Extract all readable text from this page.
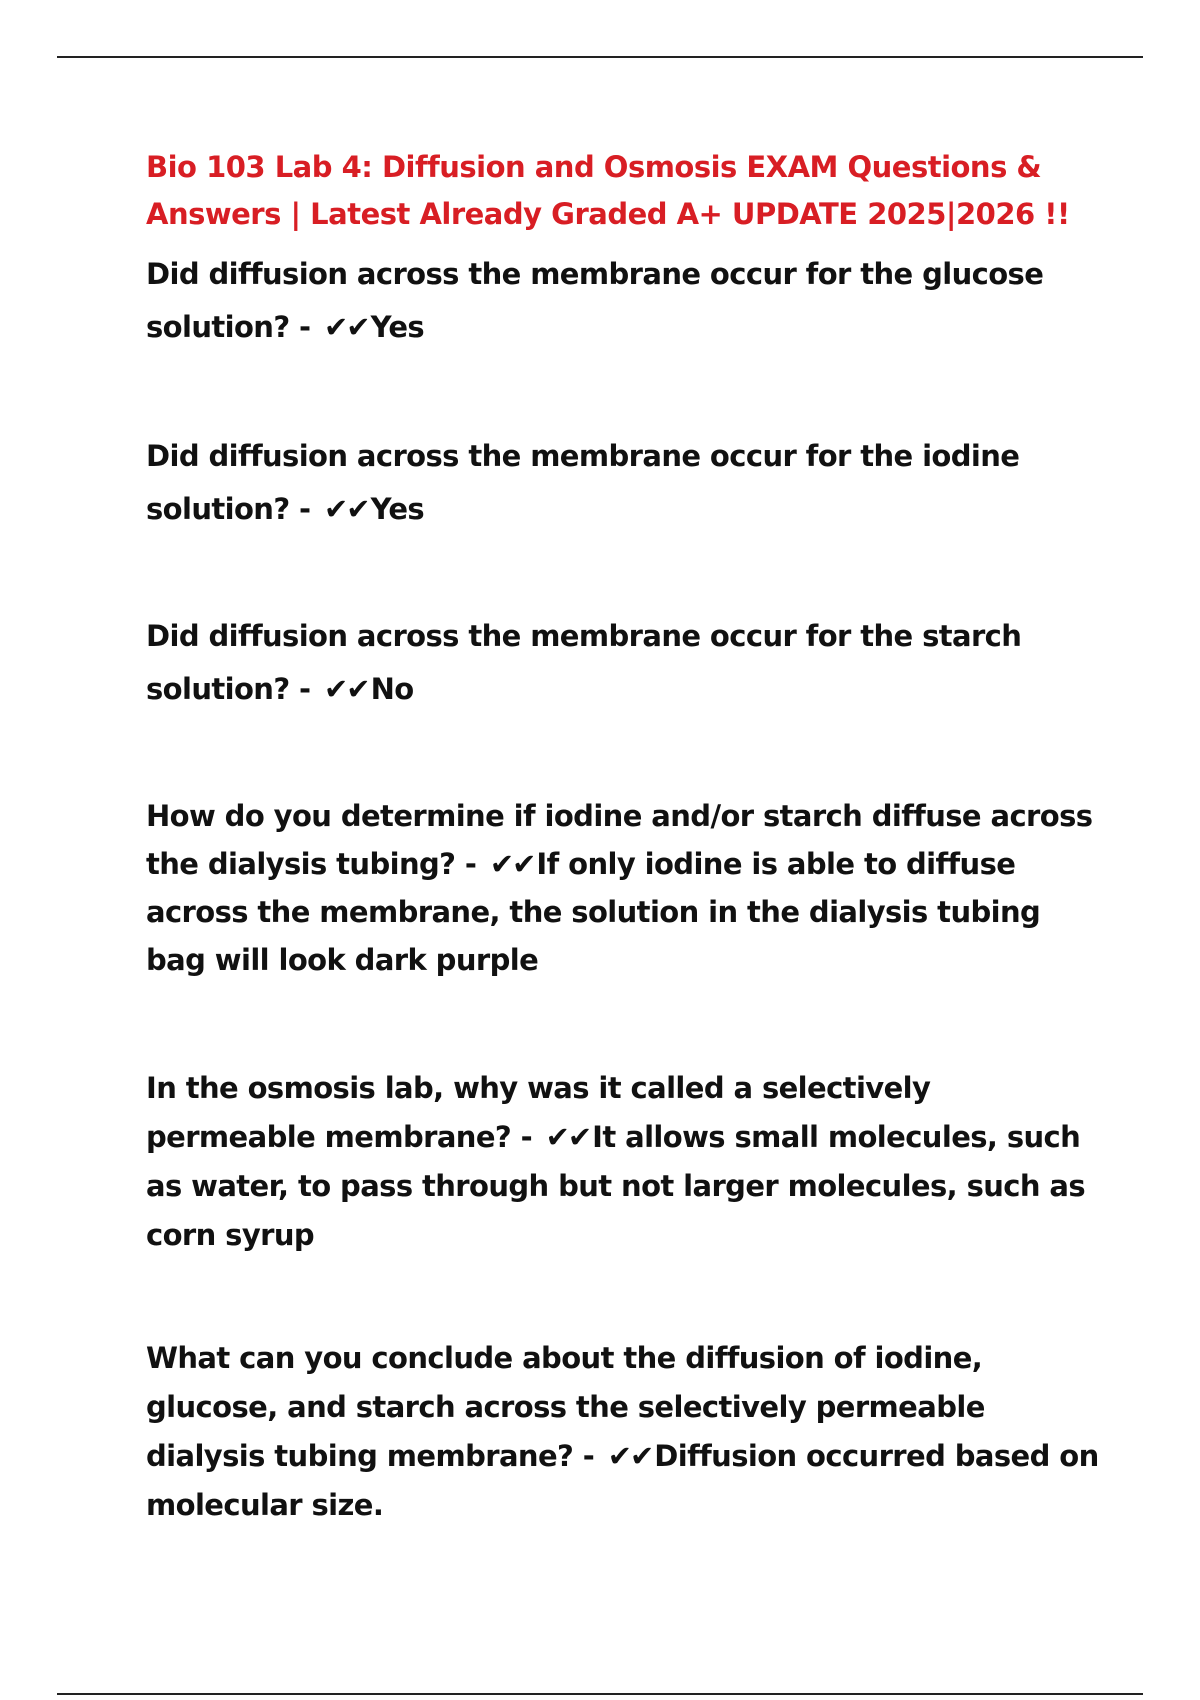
Bio 103 Lab 4: Diffusion and Osmosis EXAM Questions & Answers | Latest Already Graded A+ UPDATE 2025|2026 !!

Did diffusion across the membrane occur for the glucose solution? - ✔✔Yes

Did diffusion across the membrane occur for the iodine solution? - ✔✔Yes

Did diffusion across the membrane occur for the starch solution? - ✔✔No

How do you determine if iodine and/or starch diffuse across the dialysis tubing? - ✔✔If only iodine is able to diffuse across the membrane, the solution in the dialysis tubing bag will look dark purple

In the osmosis lab, why was it called a selectively permeable membrane? - ✔✔It allows small molecules, such as water, to pass through but not larger molecules, such as corn syrup

What can you conclude about the diffusion of iodine, glucose, and starch across the selectively permeable dialysis tubing membrane? - ✔✔Diffusion occurred based on molecular size.
